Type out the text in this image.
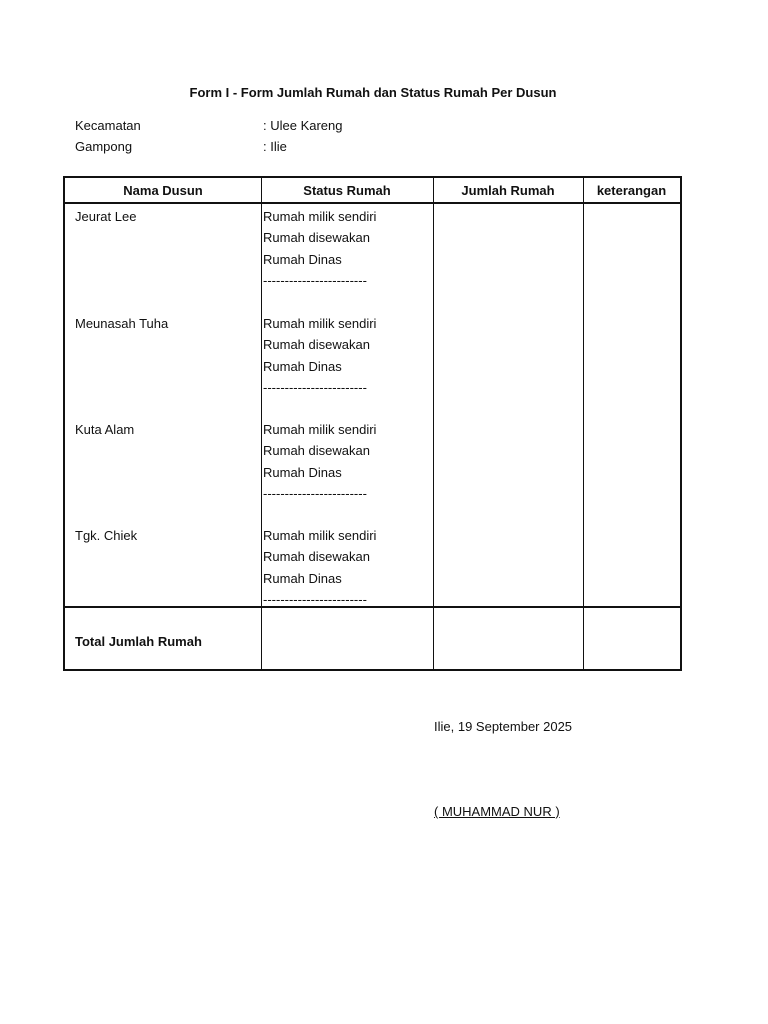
Form I - Form Jumlah Rumah dan Status Rumah Per Dusun
Kecamatan	: Ulee Kareng
Gampong	: Ilie
Nama Dusun	Status Rumah	Jumlah Rumah	keterangan
Jeurat Lee	Rumah milik sendiri
Rumah disewakan
Rumah Dinas
------------------------
Meunasah Tuha	Rumah milik sendiri
Rumah disewakan
Rumah Dinas
------------------------
Kuta Alam	Rumah milik sendiri
Rumah disewakan
Rumah Dinas
------------------------
Tgk. Chiek	Rumah milik sendiri
Rumah disewakan
Rumah Dinas
------------------------
Total Jumlah Rumah
Ilie, 19 September 2025
( MUHAMMAD NUR )
